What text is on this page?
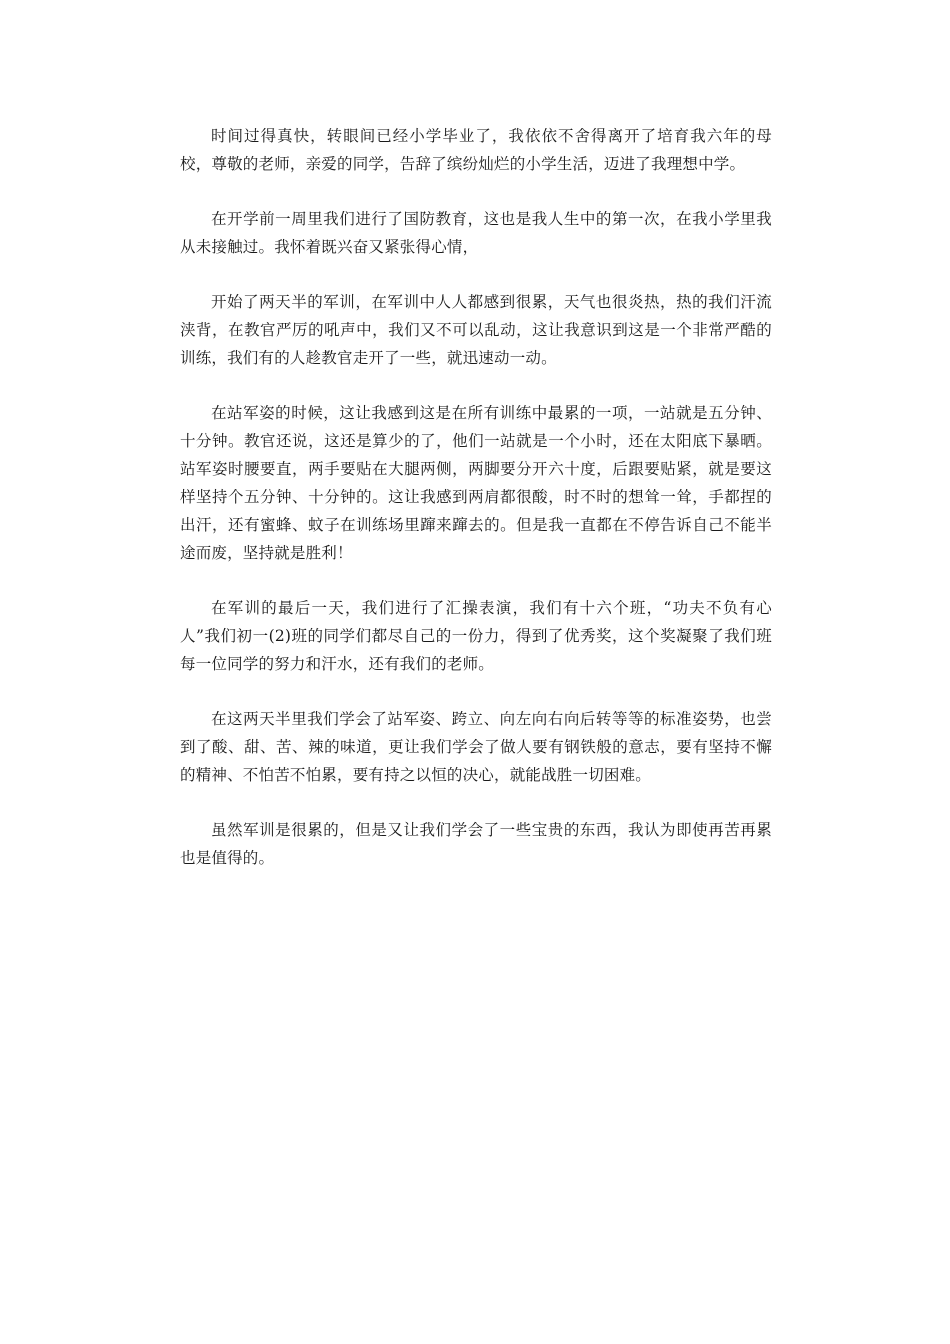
时间过得真快，转眼间已经小学毕业了，我依依不舍得离开了培育我六年的母校，尊敬的老师，亲爱的同学，告辞了缤纷灿烂的小学生活，迈进了我理想中学。

在开学前一周里我们进行了国防教育，这也是我人生中的第一次，在我小学里我从未接触过。我怀着既兴奋又紧张得心情，

开始了两天半的军训，在军训中人人都感到很累，天气也很炎热，热的我们汗流浃背，在教官严厉的吼声中，我们又不可以乱动，这让我意识到这是一个非常严酷的训练，我们有的人趁教官走开了一些，就迅速动一动。

在站军姿的时候，这让我感到这是在所有训练中最累的一项，一站就是五分钟、十分钟。教官还说，这还是算少的了，他们一站就是一个小时，还在太阳底下暴晒。站军姿时腰要直，两手要贴在大腿两侧，两脚要分开六十度，后跟要贴紧，就是要这样坚持个五分钟、十分钟的。这让我感到两肩都很酸，时不时的想耸一耸，手都捏的出汗，还有蜜蜂、蚊子在训练场里蹿来蹿去的。但是我一直都在不停告诉自己不能半途而废，坚持就是胜利！

在军训的最后一天，我们进行了汇操表演，我们有十六个班，“功夫不负有心人”我们初一(2)班的同学们都尽自己的一份力，得到了优秀奖，这个奖凝聚了我们班每一位同学的努力和汗水，还有我们的老师。

在这两天半里我们学会了站军姿、跨立、向左向右向后转等等的标准姿势，也尝到了酸、甜、苦、辣的味道，更让我们学会了做人要有钢铁般的意志，要有坚持不懈的精神、不怕苦不怕累，要有持之以恒的决心，就能战胜一切困难。

虽然军训是很累的，但是又让我们学会了一些宝贵的东西，我认为即使再苦再累也是值得的。
